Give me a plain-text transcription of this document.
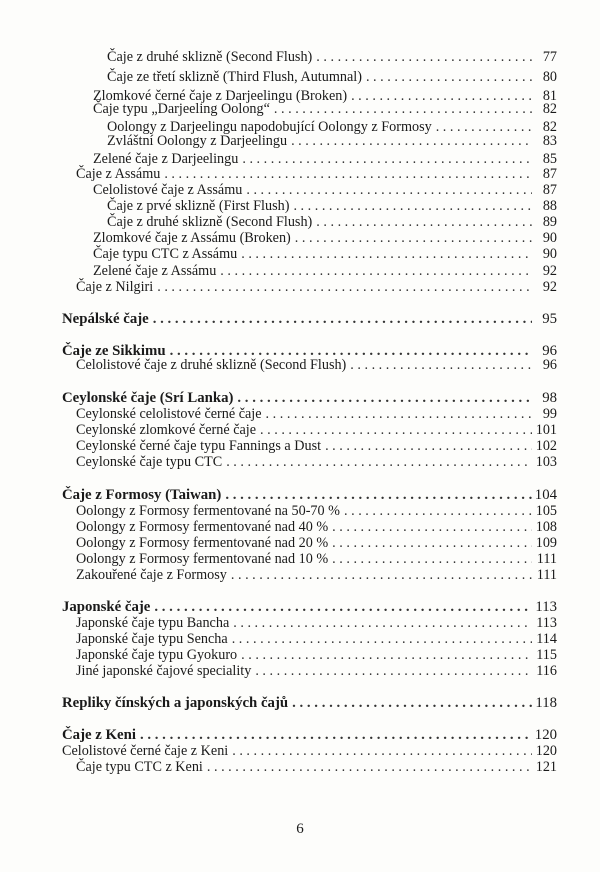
Čaje z druhé sklizně (Second Flush) . . .	77
Čaje ze třetí sklizně (Third Flush, Autumnal) . . .	80
Zlomkové černé čaje z Darjeelingu (Broken) . . .	81
Čaje typu „Darjeeling Oolong“ . . .	82
Oolongy z Darjeelingu napodobující Oolongy z Formosy . . .	82
Zvláštní Oolongy z Darjeelingu . . .	83
Zelené čaje z Darjeelingu . . .	85
Čaje z Assámu . . .	87
Celolistové čaje z Assámu . . .	87
Čaje z prvé sklizně (First Flush) . . .	88
Čaje z druhé sklizně (Second Flush) . . .	89
Zlomkové čaje z Assámu (Broken) . . .	90
Čaje typu CTC z Assámu . . .	90
Zelené čaje z Assámu . . .	92
Čaje z Nilgiri . . .	92
Nepálské čaje . . .	95
Čaje ze Sikkimu . . .	96
Celolistové čaje z druhé sklizně (Second Flush) . . .	96
Ceylonské čaje (Srí Lanka) . . .	98
Ceylonské celolistové černé čaje . . .	99
Ceylonské zlomkové černé čaje . . .	101
Ceylonské černé čaje typu Fannings a Dust . . .	102
Ceylonské čaje typu CTC . . .	103
Čaje z Formosy (Taiwan) . . .	104
Oolongy z Formosy fermentované na 50-70 % . . .	105
Oolongy z Formosy fermentované nad 40 % . . .	108
Oolongy z Formosy fermentované nad 20 % . . .	109
Oolongy z Formosy fermentované nad 10 % . . .	111
Zakouřené čaje z Formosy . . .	111
Japonské čaje . . .	113
Japonské čaje typu Bancha . . .	113
Japonské čaje typu Sencha . . .	114
Japonské čaje typu Gyokuro . . .	115
Jiné japonské čajové speciality . . .	116
Repliky čínských a japonských čajů . . .	118
Čaje z Keni . . .	120
Celolistové černé čaje z Keni . . .	120
Čaje typu CTC z Keni . . .	121
6
